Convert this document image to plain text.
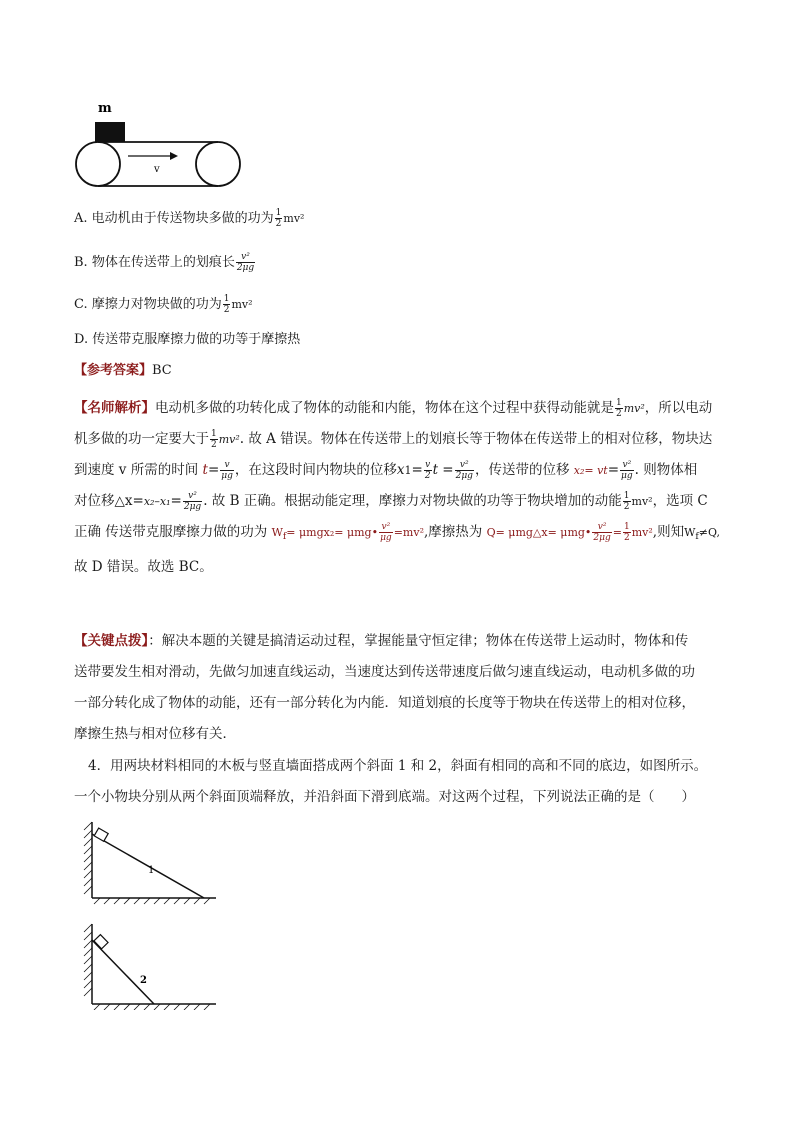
m
v
A. 电动机由于传送物块多做的功为 $\frac{1}{2} mv^2$
B. 物体在传送带上的划痕长 $\frac{\text{v²}}{2\mu g}$
C. 摩擦力对物块做的功为 $\frac{1}{2} mv^2$
D. 传送带克服摩擦力做的功等于摩擦热
【参考答案】BC
【名师解析】电动机多做的功转化成了物体的动能和内能，物体在这个过程中获得动能就是 $\frac{1}{2} mv^2$，所以电动
机多做的功一定要大于 $\frac{1}{2} mv^2$. 故 A 错误。物体在传送带上的划痕长等于物体在传送带上的相对位移，物块达
到速度 v 所需的时间 $t= \frac{v}{\mu g}$ ，在这段时间内物块的位移$x1= \frac{v}{2}$ $t = \frac{\text{v²}}{2\mu g}$ ，传送带的位移 $x_2= vt= \frac{\text{v²}}{\mu g}$ . 则物体相
对位移△x=x₂–x₁= $\frac{\text{v²}}{2\mu g}$ . 故 B 正确。根据动能定理，摩擦力对物块做的功等于物块增加的动能 $\frac{1}{2} mv^2$，选项 C
正确 传送带克服摩擦力做的功为 $W_f= \mu mgx_2=$ μmg• $\frac{\text{v²}}{\mu g} =mv^2$,摩擦热为 Q= μmg△x= μmg• $\frac{\text{v²}}{2\mu g} = \frac{1}{2} mv^2$,则知$W_f\ne Q$,
故 D 错误。故选 BC。
【关键点拨】：解决本题的关键是搞清运动过程，掌握能量守恒定律；物体在传送带上运动时，物体和传
送带要发生相对滑动，先做匀加速直线运动，当速度达到传送带速度后做匀速直线运动，电动机多做的功
一部分转化成了物体的动能，还有一部分转化为内能．知道划痕的长度等于物块在传送带上的相对位移，
摩擦生热与相对位移有关．
4．用两块材料相同的木板与竖直墙面搭成两个斜面 1 和 2，斜面有相同的高和不同的底边，如图所示。
一个小物块分别从两个斜面顶端释放，并沿斜面下滑到底端。对这两个过程，下列说法正确的是（　　）
1
2
